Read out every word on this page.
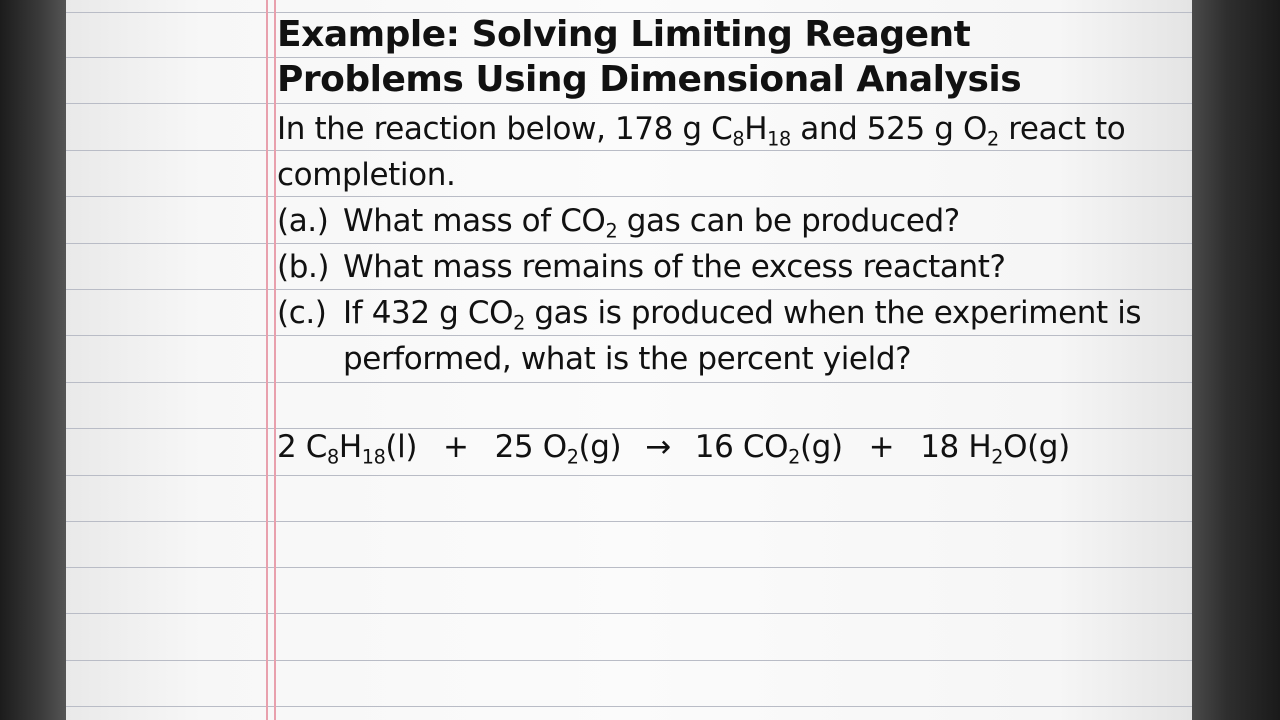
Example: Solving Limiting Reagent
Problems Using Dimensional Analysis
In the reaction below, 178 g $C_8H_{18}$ and 525 g $O_2$ react to
completion.
(a.) What mass of $CO_2$ gas can be produced?
(b.) What mass remains of the excess reactant?
(c.) If 432 g $CO_2$ gas is produced when the experiment is
performed, what is the percent yield?
2 $C_8H_{18}(l) + 25$ $O_2(g) \to 16$ $CO_2(g) + 18$ $H_2O(g)$
